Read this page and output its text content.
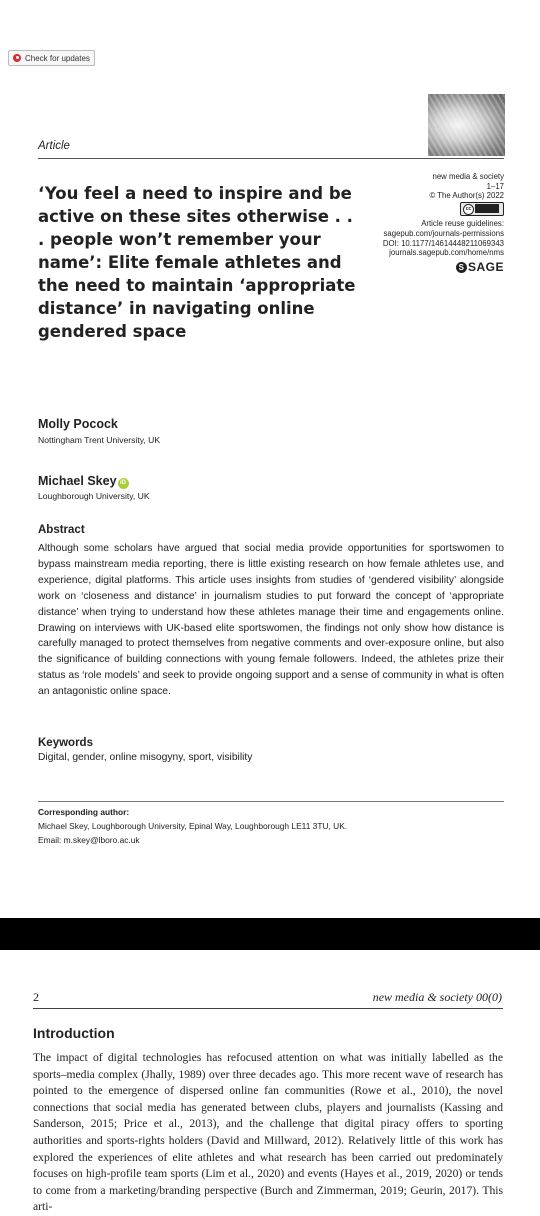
Check for updates
Article
‘You feel a need to inspire and be active on these sites otherwise . . . people won’t remember your name’: Elite female athletes and the need to maintain ‘appropriate distance’ in navigating online gendered space
new media & society
1–17
© The Author(s) 2022
cc
Article reuse guidelines:
sagepub.com/journals-permissions
DOI: 10.1177/14614448211069343
journals.sagepub.com/home/nms
S SAGE
Molly Pocock
Nottingham Trent University, UK
Michael Skey iD
Loughborough University, UK
Abstract

Although some scholars have argued that social media provide opportunities for sportswomen to bypass mainstream media reporting, there is little existing research on how female athletes use, and experience, digital platforms. This article uses insights from studies of ‘gendered visibility’ alongside work on ‘closeness and distance’ in journalism studies to put forward the concept of ‘appropriate distance’ when trying to understand how these athletes manage their time and engagements online. Drawing on interviews with UK-based elite sportswomen, the findings not only show how distance is carefully managed to protect themselves from negative comments and over-exposure online, but also the significance of building connections with young female followers. Indeed, the athletes prize their status as ‘role models’ and seek to provide ongoing support and a sense of community in what is often an antagonistic online space.

Keywords
Digital, gender, online misogyny, sport, visibility
Corresponding author:
Michael Skey, Loughborough University, Epinal Way, Loughborough LE11 3TU, UK.
Email: m.skey@lboro.ac.uk
2	new media & society 00(0)
Introduction

The impact of digital technologies has refocused attention on what was initially labelled as the sports–media complex (Jhally, 1989) over three decades ago. This more recent wave of research has pointed to the emergence of dispersed online fan communities (Rowe et al., 2010), the novel connections that social media has generated between clubs, players and journalists (Kassing and Sanderson, 2015; Price et al., 2013), and the challenge that digital piracy offers to sporting authorities and sports-rights holders (David and Millward, 2012). Relatively little of this work has explored the experiences of elite athletes and what research has been carried out predominately focuses on high-profile team sports (Lim et al., 2020) and events (Hayes et al., 2019, 2020) or tends to come from a marketing/branding perspective (Burch and Zimmerman, 2019; Geurin, 2017). This arti-
